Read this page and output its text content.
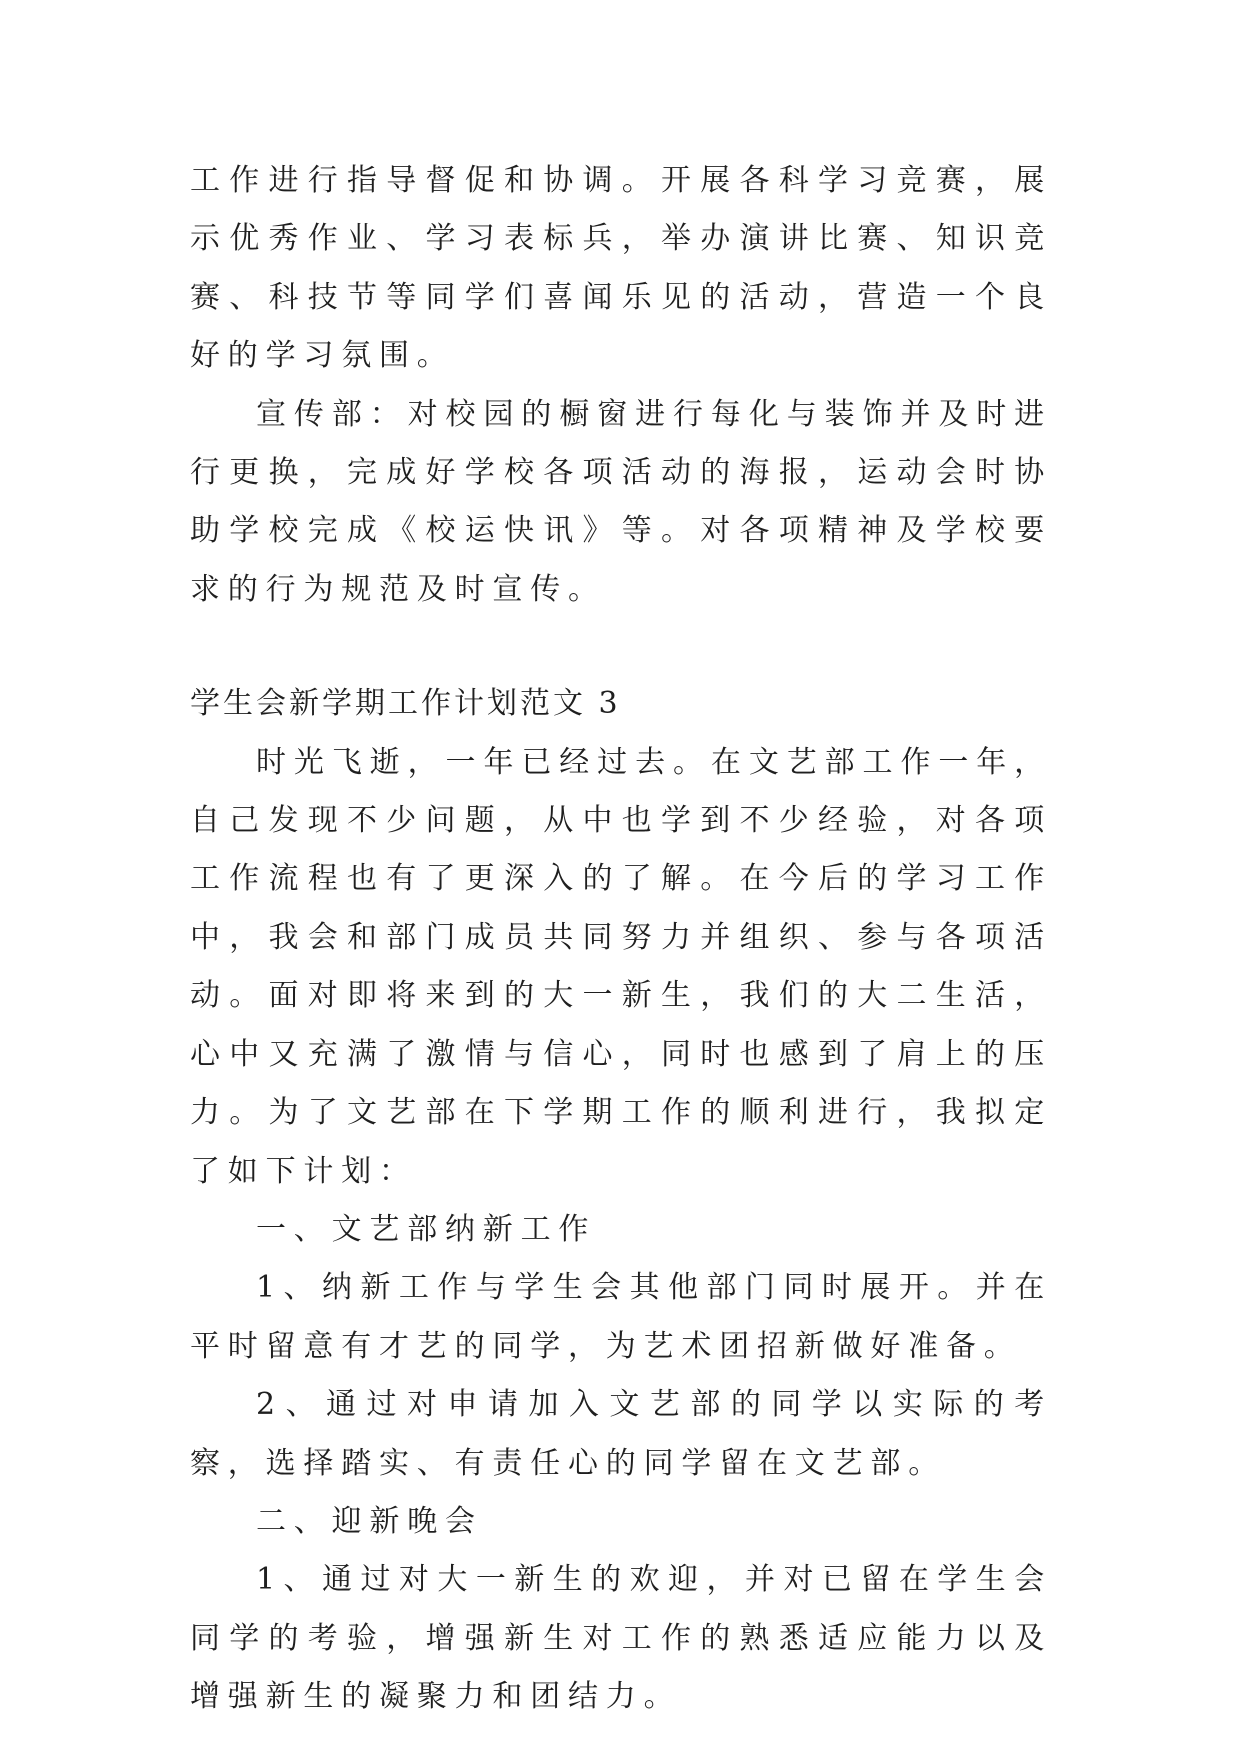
工作进行指导督促和协调。开展各科学习竞赛，展示优秀作业、学习表标兵，举办演讲比赛、知识竞赛、科技节等同学们喜闻乐见的活动，营造一个良好的学习氛围。

宣传部：对校园的橱窗进行每化与装饰并及时进行更换，完成好学校各项活动的海报，运动会时协助学校完成《校运快讯》等。对各项精神及学校要求的行为规范及时宣传。

学生会新学期工作计划范文 3

时光飞逝，一年已经过去。在文艺部工作一年，自己发现不少问题，从中也学到不少经验，对各项工作流程也有了更深入的了解。在今后的学习工作中，我会和部门成员共同努力并组织、参与各项活动。面对即将来到的大一新生，我们的大二生活，心中又充满了激情与信心，同时也感到了肩上的压力。为了文艺部在下学期工作的顺利进行，我拟定了如下计划：

一、文艺部纳新工作

1、纳新工作与学生会其他部门同时展开。并在平时留意有才艺的同学，为艺术团招新做好准备。

2、通过对申请加入文艺部的同学以实际的考察，选择踏实、有责任心的同学留在文艺部。

二、迎新晚会

1、通过对大一新生的欢迎，并对已留在学生会同学的考验，增强新生对工作的熟悉适应能力以及增强新生的凝聚力和团结力。
